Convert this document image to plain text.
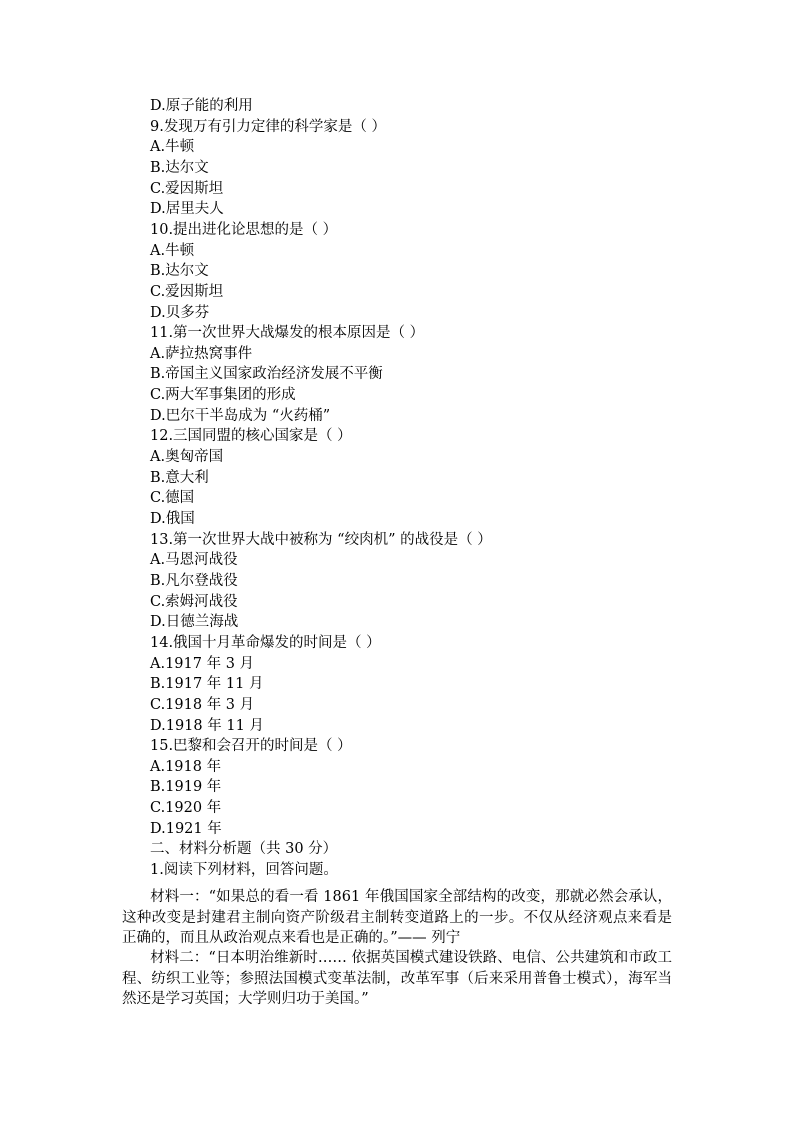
D.原子能的利用
9.发现万有引力定律的科学家是（ ）
A.牛顿
B.达尔文
C.爱因斯坦
D.居里夫人
10.提出进化论思想的是（ ）
A.牛顿
B.达尔文
C.爱因斯坦
D.贝多芬
11.第一次世界大战爆发的根本原因是（ ）
A.萨拉热窝事件
B.帝国主义国家政治经济发展不平衡
C.两大军事集团的形成
D.巴尔干半岛成为 “火药桶”
12.三国同盟的核心国家是（ ）
A.奥匈帝国
B.意大利
C.德国
D.俄国
13.第一次世界大战中被称为 “绞肉机” 的战役是（ ）
A.马恩河战役
B.凡尔登战役
C.索姆河战役
D.日德兰海战
14.俄国十月革命爆发的时间是（ ）
A.1917 年 3 月
B.1917 年 11 月
C.1918 年 3 月
D.1918 年 11 月
15.巴黎和会召开的时间是（ ）
A.1918 年
B.1919 年
C.1920 年
D.1921 年
二、材料分析题（共 30 分）
1.阅读下列材料，回答问题。
材料一：“如果总的看一看 1861 年俄国国家全部结构的改变，那就必然会承认，这种改变是封建君主制向资产阶级君主制转变道路上的一步。不仅从经济观点来看是正确的，而且从政治观点来看也是正确的。”—— 列宁
材料二：“日本明治维新时…… 依据英国模式建设铁路、电信、公共建筑和市政工程、纺织工业等；参照法国模式变革法制，改革军事（后来采用普鲁士模式），海军当然还是学习英国；大学则归功于美国。”
